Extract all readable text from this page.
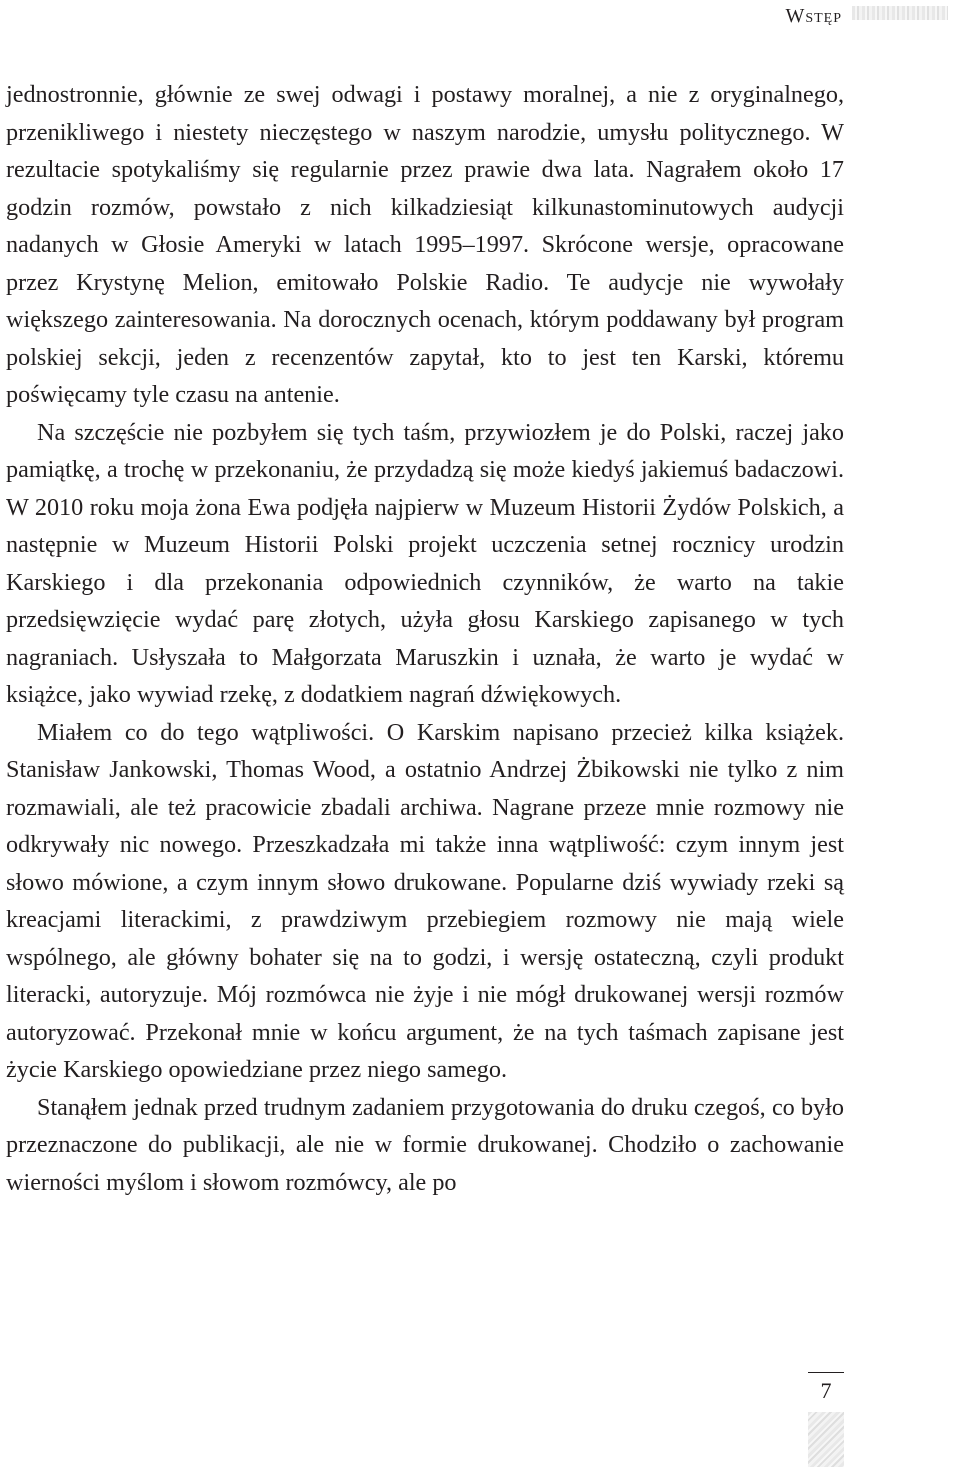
Wstęp

jednostronnie, głównie ze swej odwagi i postawy moralnej, a nie z oryginalnego, przenikliwego i niestety nieczęstego w naszym narodzie, umysłu politycznego. W rezultacie spotykaliśmy się regularnie przez prawie dwa lata. Nagrałem około 17 godzin rozmów, powstało z nich kilkadziesiąt kilkunastominutowych audycji nadanych w Głosie Ameryki w latach 1995–1997. Skrócone wersje, opracowane przez Krystynę Melion, emitowało Polskie Radio. Te audycje nie wywołały większego zainteresowania. Na dorocznych ocenach, którym poddawany był program polskiej sekcji, jeden z recenzentów zapytał, kto to jest ten Karski, któremu poświęcamy tyle czasu na antenie.

Na szczęście nie pozbyłem się tych taśm, przywiozłem je do Polski, raczej jako pamiątkę, a trochę w przekonaniu, że przydadzą się może kiedyś jakiemuś badaczowi. W 2010 roku moja żona Ewa podjęła najpierw w Muzeum Historii Żydów Polskich, a następnie w Muzeum Historii Polski projekt uczczenia setnej rocznicy urodzin Karskiego i dla przekonania odpowiednich czynników, że warto na takie przedsięwzięcie wydać parę złotych, użyła głosu Karskiego zapisanego w tych nagraniach. Usłyszała to Małgorzata Maruszkin i uznała, że warto je wydać w książce, jako wywiad rzekę, z dodatkiem nagrań dźwiękowych.

Miałem co do tego wątpliwości. O Karskim napisano przecież kilka książek. Stanisław Jankowski, Thomas Wood, a ostatnio Andrzej Żbikowski nie tylko z nim rozmawiali, ale też pracowicie zbadali archiwa. Nagrane przeze mnie rozmowy nie odkrywały nic nowego. Przeszkadzała mi także inna wątpliwość: czym innym jest słowo mówione, a czym innym słowo drukowane. Popularne dziś wywiady rzeki są kreacjami literackimi, z prawdziwym przebiegiem rozmowy nie mają wiele wspólnego, ale główny bohater się na to godzi, i wersję ostateczną, czyli produkt literacki, autoryzuje. Mój rozmówca nie żyje i nie mógł drukowanej wersji rozmów autoryzować. Przekonał mnie w końcu argument, że na tych taśmach zapisane jest życie Karskiego opowiedziane przez niego samego.

Stanąłem jednak przed trudnym zadaniem przygotowania do druku czegoś, co było przeznaczone do publikacji, ale nie w formie drukowanej. Chodziło o zachowanie wierności myślom i słowom rozmówcy, ale po

7
